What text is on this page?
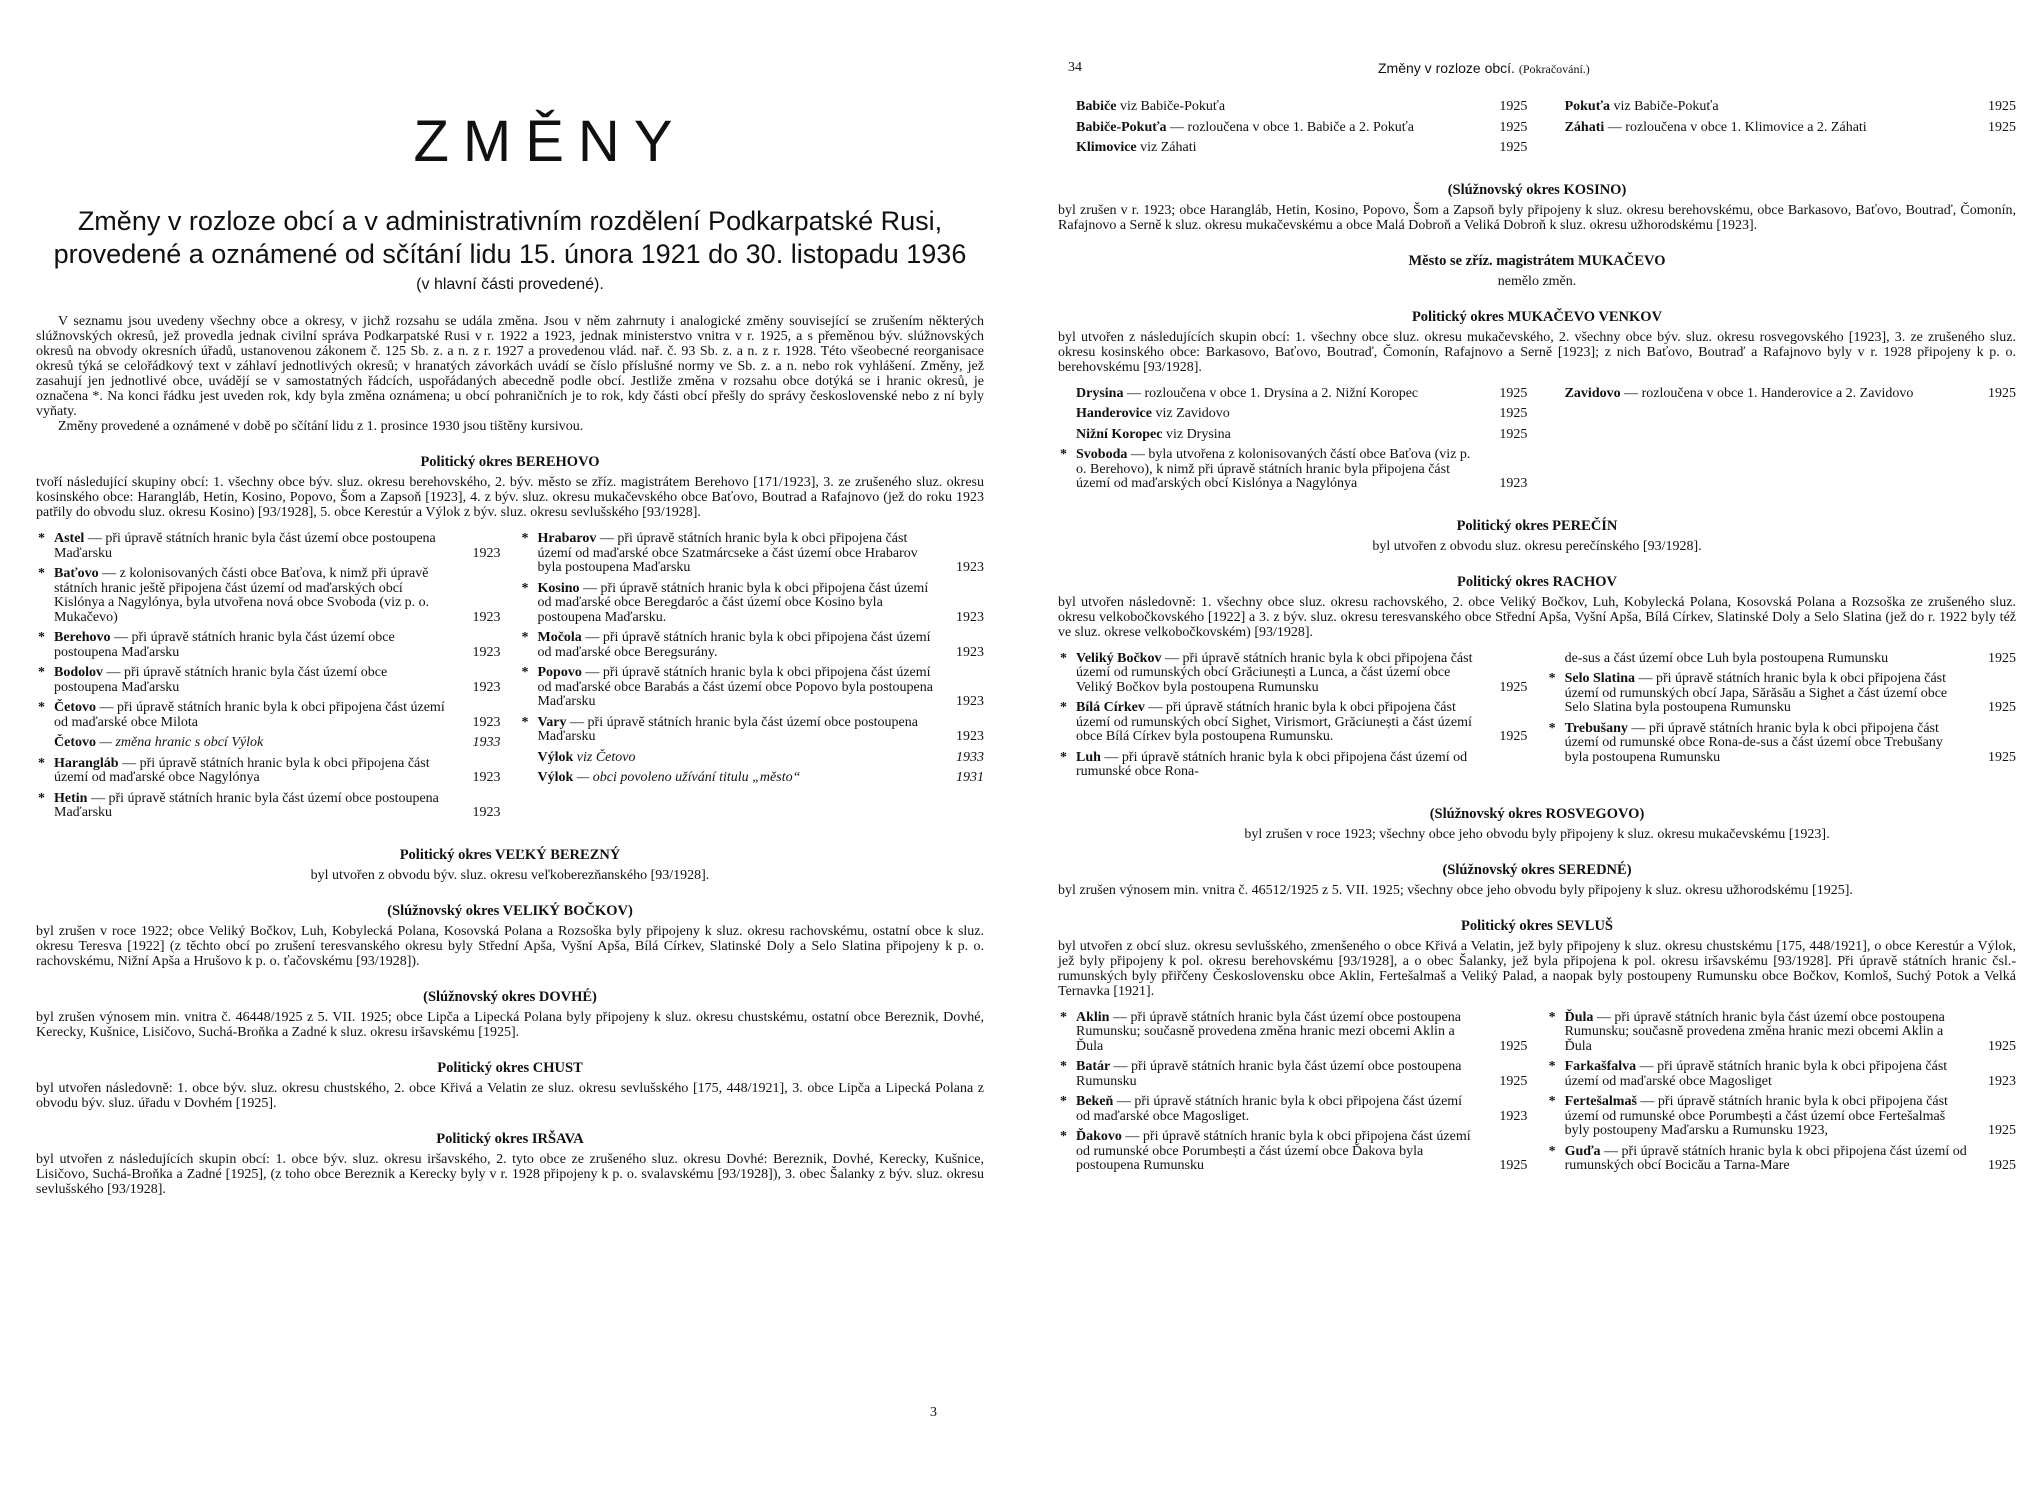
ZMĚNY
Změny v rozloze obcí a v administrativním rozdělení Podkarpatské Rusi, provedené a oznámené od sčítání lidu 15. února 1921 do 30. listopadu 1936
(v hlavní části provedené).

V seznamu jsou uvedeny všechny obce a okresy, v jichž rozsahu se udála změna. Jsou v něm zahrnuty i analogické změny související se zrušením některých slúžnovských okresů, jež provedla jednak civilní správa Podkarpatské Rusi v r. 1922 a 1923, jednak ministerstvo vnitra v r. 1925, a s přeměnou býv. slúžnovských okresů na obvody okresních úřadů, ustanovenou zákonem č. 125 Sb. z. a n. z r. 1927 a provedenou vlád. nař. č. 93 Sb. z. a n. z r. 1928. Této všeobecné reorganisace okresů týká se celořádkový text v záhlaví jednotlivých okresů; v hranatých závorkách uvádí se číslo příslušné normy ve Sb. z. a n. nebo rok vyhlášení. Změny, jež zasahují jen jednotlivé obce, uvádějí se v samostatných řádcích, uspořádaných abecedně podle obcí. Jestliže změna v rozsahu obce dotýká se i hranic okresů, je označena *. Na konci řádku jest uveden rok, kdy byla změna oznámena; u obcí pohraničních je to rok, kdy části obcí přešly do správy československé nebo z ní byly vyňaty.

Změny provedené a oznámené v době po sčítání lidu z 1. prosince 1930 jsou tištěny kursivou.

Politický okres BEREHOVO
tvoří následující skupiny obcí: 1. všechny obce býv. sluz. okresu berehovského, 2. býv. město se zříz. magistrátem Berehovo [171/1923], 3. ze zrušeného sluz. okresu kosinského obce: Harangláb, Hetin, Kosino, Popovo, Šom a Zapsoň [1923], 4. z býv. sluz. okresu mukačevského obce Baťovo, Boutrad a Rafajnovo (jež do roku 1923 patřily do obvodu sluz. okresu Kosino) [93/1928], 5. obce Kerestúr a Výlok z býv. sluz. okresu sevlušského [93/1928].
* Astel — při úpravě státních hranic byla část území obce postoupena Maďarsku	1923
* Baťovo — z kolonisovaných části obce Baťova, k nimž při úpravě státních hranic ještě připojena část území od maďarských obcí Kislónya a Nagylónya, byla utvořena nová obce Svoboda (viz p. o. Mukačevo)	1923
* Berehovo — při úpravě státních hranic byla část území obce postoupena Maďarsku	1923
* Bodolov — při úpravě státních hranic byla část území obce postoupena Maďarsku	1923
* Četovo — při úpravě státních hranic byla k obci připojena část území od maďarské obce Milota	1923
Četovo — změna hranic s obcí Výlok	1933
* Harangláb — při úpravě státních hranic byla k obci připojena část území od maďarské obce Nagylónya	1923
* Hetin — při úpravě státních hranic byla část území obce postoupena Maďarsku	1923
* Hrabarov — při úpravě státních hranic byla k obci připojena část území od maďarské obce Szatmárcseke a část území obce Hrabarov byla postoupena Maďarsku	1923
* Kosino — při úpravě státních hranic byla k obci připojena část území od maďarské obce Beregdaróc a část území obce Kosino byla postoupena Maďarsku.	1923
* Močola — při úpravě státních hranic byla k obci připojena část území od maďarské obce Beregsurány.	1923
* Popovo — při úpravě státních hranic byla k obci připojena část území od maďarské obce Barabás a část území obce Popovo byla postoupena Maďarsku	1923
* Vary — při úpravě státních hranic byla část území obce postoupena Maďarsku	1923
Výlok viz Četovo	1933
Výlok — obci povoleno užívání titulu „město“	1931
Politický okres VEĽKÝ BEREZNÝ
byl utvořen z obvodu býv. sluz. okresu veľkoberezňanského [93/1928].
(Slúžnovský okres VELIKÝ BOČKOV)
byl zrušen v roce 1922; obce Veliký Bočkov, Luh, Kobylecká Polana, Kosovská Polana a Rozsoška byly připojeny k sluz. okresu rachovskému, ostatní obce k sluz. okresu Teresva [1922] (z těchto obcí po zrušení teresvanského okresu byly Střední Apša, Vyšní Apša, Bílá Církev, Slatinské Doly a Selo Slatina připojeny k p. o. rachovskému, Nižní Apša a Hrušovo k p. o. ťačovskému [93/1928]).
(Slúžnovský okres DOVHÉ)
byl zrušen výnosem min. vnitra č. 46448/1925 z 5. VII. 1925; obce Lipča a Lipecká Polana byly připojeny k sluz. okresu chustskému, ostatní obce Bereznik, Dovhé, Kerecky, Kušnice, Lisičovo, Suchá-Broňka a Zadné k sluz. okresu iršavskému [1925].
Politický okres CHUST
byl utvořen následovně: 1. obce býv. sluz. okresu chustského, 2. obce Křivá a Velatin ze sluz. okresu sevlušského [175, 448/1921], 3. obce Lipča a Lipecká Polana z obvodu býv. sluz. úřadu v Dovhém [1925].
Politický okres IRŠAVA
byl utvořen z následujících skupin obcí: 1. obce býv. sluz. okresu iršavského, 2. tyto obce ze zrušeného sluz. okresu Dovhé: Bereznik, Dovhé, Kerecky, Kušnice, Lisičovo, Suchá-Broňka a Zadné [1925], (z toho obce Bereznik a Kerecky byly v r. 1928 připojeny k p. o. svalavskému [93/1928]), 3. obec Šalanky z býv. sluz. okresu sevlušského [93/1928].
3
34	Změny v rozloze obcí. (Pokračování.)
Babiče viz Babiče-Pokuťa	1925
Babiče-Pokuťa — rozloučena v obce 1. Babiče a 2. Pokuťa	1925
Klimovice viz Záhati	1925
Pokuťa viz Babiče-Pokuťa	1925
Záhati — rozloučena v obce 1. Klimovice a 2. Záhati	1925
(Slúžnovský okres KOSINO)
byl zrušen v r. 1923; obce Harangláb, Hetin, Kosino, Popovo, Šom a Zapsoň byly připojeny k sluz. okresu berehovskému, obce Barkasovo, Baťovo, Boutraď, Čomonín, Rafajnovo a Serně k sluz. okresu mukačevskému a obce Malá Dobroň a Veliká Dobroň k sluz. okresu užhorodskému [1923].
Město se zříz. magistrátem MUKAČEVO
nemělo změn.
Politický okres MUKAČEVO VENKOV
byl utvořen z následujících skupin obcí: 1. všechny obce sluz. okresu mukačevského, 2. všechny obce býv. sluz. okresu rosvegovského [1923], 3. ze zrušeného sluz. okresu kosinského obce: Barkasovo, Baťovo, Boutraď, Čomonín, Rafajnovo a Serně [1923]; z nich Baťovo, Boutraď a Rafajnovo byly v r. 1928 připojeny k p. o. berehovskému [93/1928].
Drysina — rozloučena v obce 1. Drysina a 2. Nižní Koropec	1925
Handerovice viz Zavidovo	1925
Nižní Koropec viz Drysina	1925
* Svoboda — byla utvořena z kolonisovaných částí obce Baťova (viz p. o. Berehovo), k nimž při úpravě státních hranic byla připojena část území od maďarských obcí Kislónya a Nagylónya	1923
Zavidovo — rozloučena v obce 1. Handerovice a 2. Zavidovo	1925
Politický okres PEREČÍN
byl utvořen z obvodu sluz. okresu perečínského [93/1928].
Politický okres RACHOV
byl utvořen následovně: 1. všechny obce sluz. okresu rachovského, 2. obce Veliký Bočkov, Luh, Kobylecká Polana, Kosovská Polana a Rozsoška ze zrušeného sluz. okresu velkobočkovského [1922] a 3. z býv. sluz. okresu teresvanského obce Střední Apša, Vyšní Apša, Bílá Církev, Slatinské Doly a Selo Slatina (jež do r. 1922 byly též ve sluz. okrese velkobočkovském) [93/1928].
* Veliký Bočkov — při úpravě státních hranic byla k obci připojena část území od rumunských obcí Grăciunești a Lunca, a část území obce Veliký Bočkov byla postoupena Rumunsku	1925
* Bílá Církev — při úpravě státních hranic byla k obci připojena část území od rumunských obcí Sighet, Virismort, Grăciunești a část území obce Bílá Církev byla postoupena Rumunsku.	1925
* Luh — při úpravě státních hranic byla k obci připojena část území od rumunské obce Rona-
de-sus a část území obce Luh byla postoupena Rumunsku	1925
* Selo Slatina — při úpravě státních hranic byla k obci připojena část území od rumunských obcí Japa, Sărăsău a Sighet a část území obce Selo Slatina byla postoupena Rumunsku	1925
* Trebušany — při úpravě státních hranic byla k obci připojena část území od rumunské obce Rona-de-sus a část území obce Trebušany byla postoupena Rumunsku	1925
(Slúžnovský okres ROSVEGOVO)
byl zrušen v roce 1923; všechny obce jeho obvodu byly připojeny k sluz. okresu mukačevskému [1923].
(Slúžnovský okres SEREDNÉ)
byl zrušen výnosem min. vnitra č. 46512/1925 z 5. VII. 1925; všechny obce jeho obvodu byly připojeny k sluz. okresu užhorodskému [1925].
Politický okres SEVLUŠ
byl utvořen z obcí sluz. okresu sevlušského, zmenšeného o obce Křivá a Velatin, jež byly připojeny k sluz. okresu chustskému [175, 448/1921], o obce Kerestúr a Výlok, jež byly připojeny k pol. okresu berehovskému [93/1928], a o obec Šalanky, jež byla připojena k pol. okresu iršavskému [93/1928]. Při úpravě státních hranic čsl.-rumunských byly přiřčeny Československu obce Aklin, Fertešalmaš a Veliký Palad, a naopak byly postoupeny Rumunsku obce Bočkov, Komloš, Suchý Potok a Velká Ternavka [1921].
* Aklin — při úpravě státních hranic byla část území obce postoupena Rumunsku; současně provedena změna hranic mezi obcemi Aklin a Ďula	1925
* Batár — při úpravě státních hranic byla část území obce postoupena Rumunsku	1925
* Bekeň — při úpravě státních hranic byla k obci připojena část území od maďarské obce Magosliget.	1923
* Ďakovo — při úpravě státních hranic byla k obci připojena část území od rumunské obce Porumbești a část území obce Ďakova byla postoupena Rumunsku	1925
* Ďula — při úpravě státních hranic byla část území obce postoupena Rumunsku; současně provedena změna hranic mezi obcemi Aklin a Ďula	1925
* Farkašfalva — při úpravě státních hranic byla k obci připojena část území od maďarské obce Magosliget	1923
* Fertešalmaš — při úpravě státních hranic byla k obci připojena část území od rumunské obce Porumbești a část území obce Fertešalmaš byly postoupeny Maďarsku a Rumunsku 1923,	1925
* Guďa — při úpravě státních hranic byla k obci připojena část území od rumunských obcí Bocicău a Tarna-Mare	1925
